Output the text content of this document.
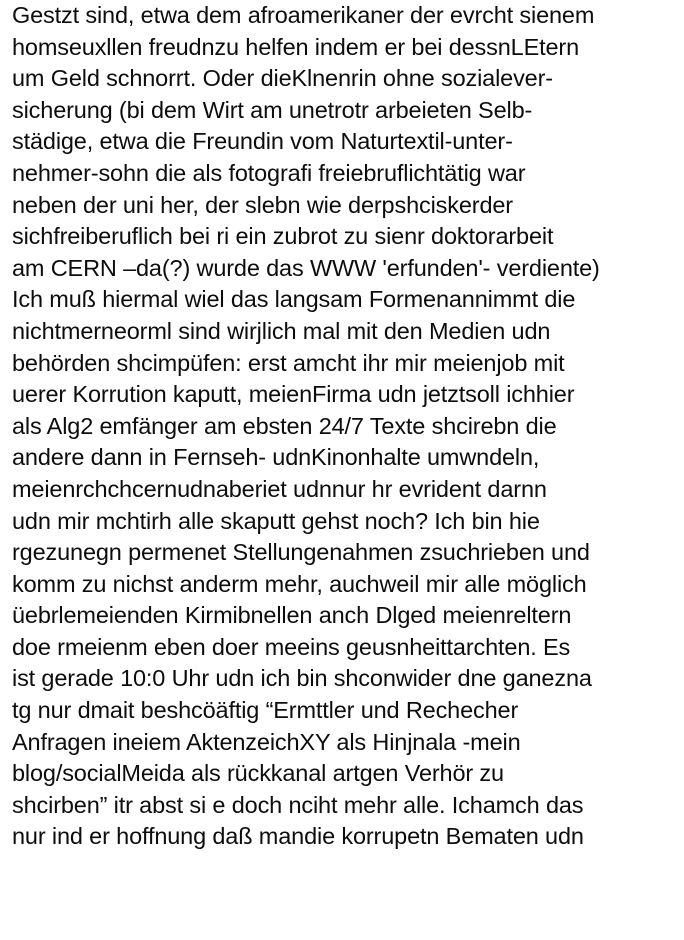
Gestzt sind, etwa dem afroamerikaner der evrcht sienem
homseuxllen freudnzu helfen indem er bei dessnLEtern
um Geld schnorrt. Oder dieKlnenrin ohne sozialever-
sicherung (bi dem Wirt am unetrotr arbeieten Selb-
städige, etwa die Freundin vom Naturtextil-unter-
nehmer-sohn die als fotografi freiebruflichtätig war
neben der uni her, der slebn wie derpshciskerder
sichfreiberuflich bei ri ein zubrot zu sienr doktorarbeit
am CERN –da(?) wurde das WWW 'erfunden'- verdiente)
Ich muß hiermal wiel das langsam Formenannimmt die
nichtmerneorml sind wirjlich mal mit den Medien udn
behörden shcimpüfen: erst amcht ihr mir meienjob mit
uerer Korrution kaputt, meienFirma udn jetztsoll ichhier
als Alg2 emfänger am ebsten 24/7 Texte shcirebn die
andere dann in Fernseh- udnKinonhalte umwndeln,
meienrchchcernudnaberiet udnnur hr evrident darnn
udn mir mchtirh alle skaputt gehst noch? Ich bin hie
rgezunegn permenet Stellungenahmen zsuchrieben und
komm zu nichst anderm mehr, auchweil mir alle möglich
üebrlemeienden Kirmibnellen anch Dlged meienreltern
doe rmeienm eben doer meeins geusnheittarchten. Es
ist gerade 10:0 Uhr udn ich bin shconwider dne ganezna
tg nur dmait beshcöäftig “Ermttler und Rechecher
Anfragen ineiem AktenzeichXY als Hinjnala -mein
blog/socialMeida als rückkanal artgen Verhör zu
shcirben” itr abst si e doch nciht mehr alle. Ichamch das
nur ind er hoffnung daß mandie korrupetn Bematen udn
